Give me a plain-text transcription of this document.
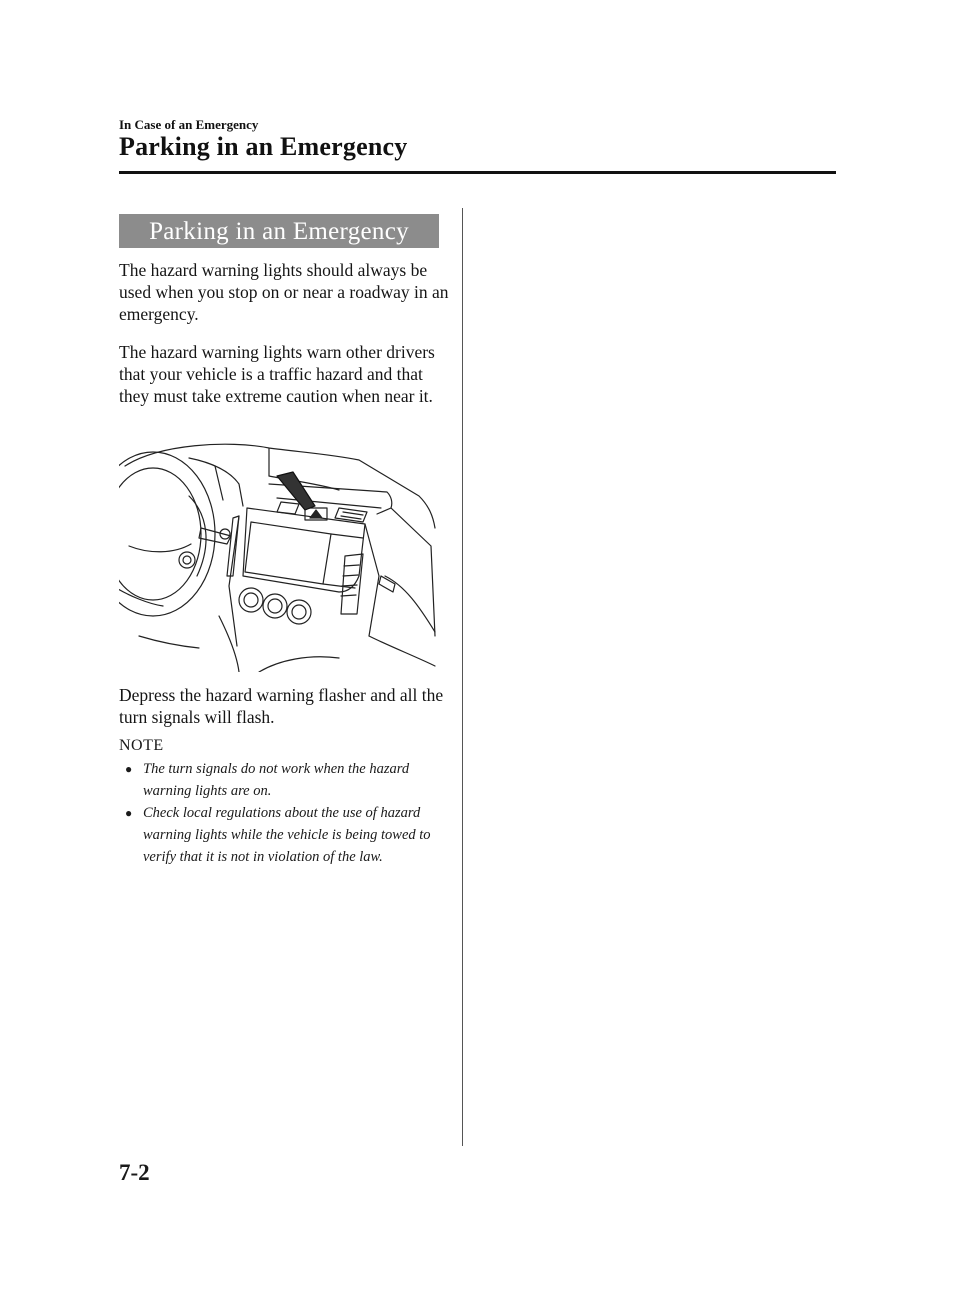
In Case of an Emergency
Parking in an Emergency
Parking in an Emergency

The hazard warning lights should always be used when you stop on or near a roadway in an emergency.

The hazard warning lights warn other drivers that your vehicle is a traffic hazard and that they must take extreme caution when near it.

Depress the hazard warning flasher and all the turn signals will flash.

NOTE
● The turn signals do not work when the hazard warning lights are on.
● Check local regulations about the use of hazard warning lights while the vehicle is being towed to verify that it is not in violation of the law.
7-2
